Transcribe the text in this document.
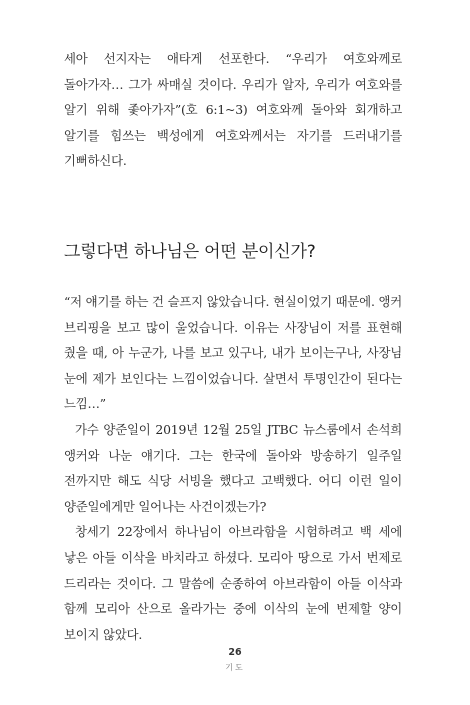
세아 선지자는 애타게 선포한다. “우리가 여호와께로 돌아가자… 그가 싸매실 것이다. 우리가 알자, 우리가 여호와를 알기 위해 좇아가자”(호 6:1~3) 여호와께 돌아와 회개하고 알기를 힘쓰는 백성에게 여호와께서는 자기를 드러내기를 기뻐하신다.

그렇다면 하나님은 어떤 분이신가?

“저 얘기를 하는 건 슬프지 않았습니다. 현실이었기 때문에. 앵커 브리핑을 보고 많이 울었습니다. 이유는 사장님이 저를 표현해 줬을 때, 아 누군가, 나를 보고 있구나, 내가 보이는구나, 사장님 눈에 제가 보인다는 느낌이었습니다. 살면서 투명인간이 된다는 느낌…”

가수 양준일이 2019년 12월 25일 JTBC 뉴스룸에서 손석희 앵커와 나눈 얘기다. 그는 한국에 돌아와 방송하기 일주일 전까지만 해도 식당 서빙을 했다고 고백했다. 어디 이런 일이 양준일에게만 일어나는 사건이겠는가?

창세기 22장에서 하나님이 아브라함을 시험하려고 백 세에 낳은 아들 이삭을 바치라고 하셨다. 모리아 땅으로 가서 번제로 드리라는 것이다. 그 말씀에 순종하여 아브라함이 아들 이삭과 함께 모리아 산으로 올라가는 중에 이삭의 눈에 번제할 양이 보이지 않았다.

26
기도
